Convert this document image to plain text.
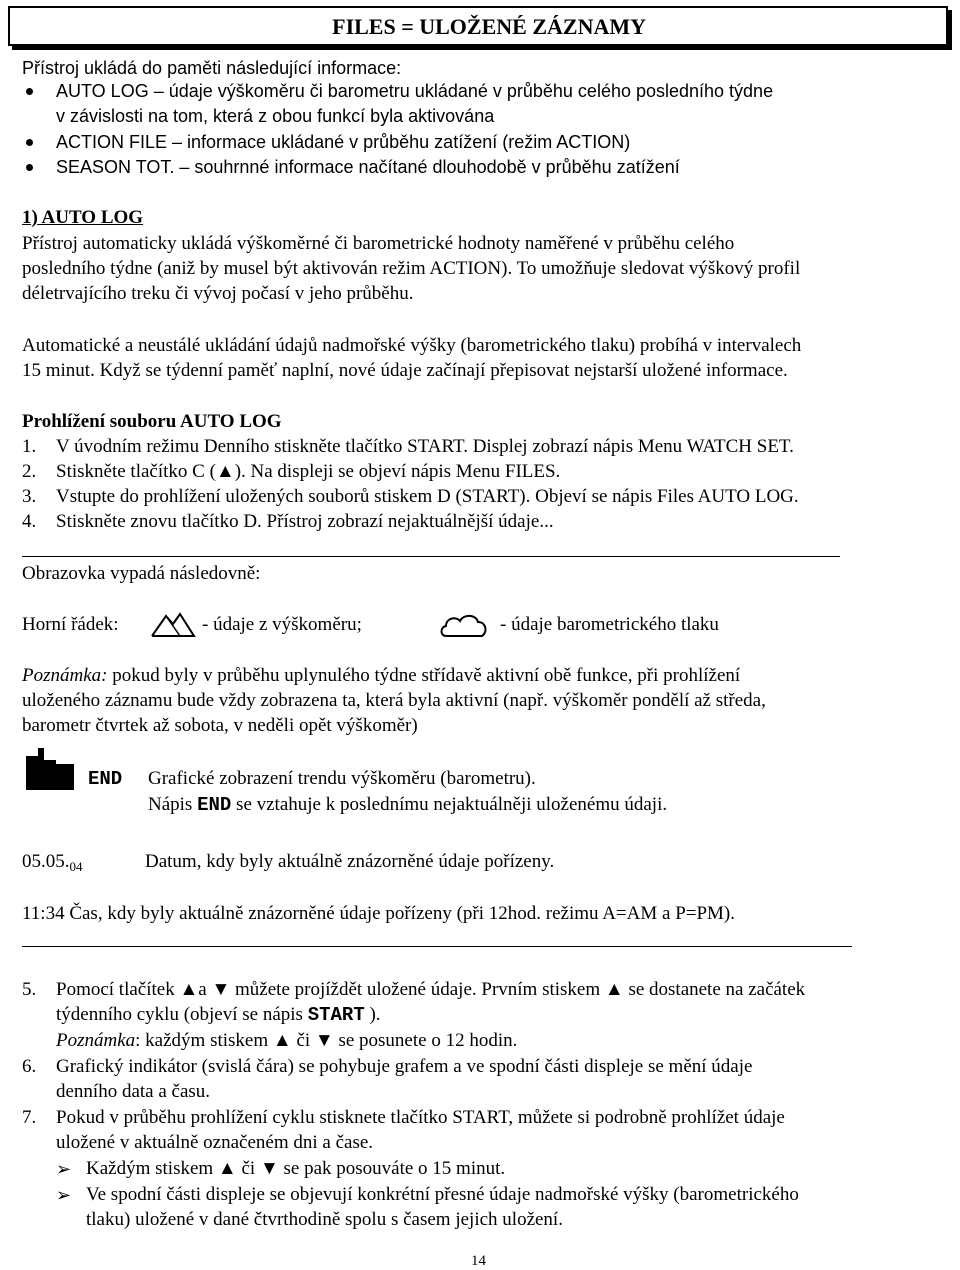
FILES = ULOŽENÉ ZÁZNAMY
Přístroj ukládá do paměti následující informace:
AUTO LOG – údaje výškoměru či barometru ukládané v průběhu celého posledního týdne
v závislosti na tom, která z obou funkcí byla aktivována
ACTION FILE – informace ukládané v průběhu zatížení (režim ACTION)
SEASON TOT. – souhrnné informace načítané dlouhodobě v průběhu zatížení
1) AUTO LOG
Přístroj automaticky ukládá výškoměrné či barometrické hodnoty naměřené v průběhu celého
posledního týdne (aniž by musel být aktivován režim ACTION). To umožňuje sledovat výškový profil
déletrvajícího treku či vývoj počasí v jeho průběhu.
Automatické a neustálé ukládání údajů nadmořské výšky (barometrického tlaku) probíhá v intervalech
15 minut. Když se týdenní paměť naplní, nové údaje začínají přepisovat nejstarší uložené informace.
Prohlížení souboru AUTO LOG
1. V úvodním režimu Denního stiskněte tlačítko START. Displej zobrazí nápis Menu WATCH SET.
2. Stiskněte tlačítko C (▲). Na displeji se objeví nápis Menu FILES.
3. Vstupte do prohlížení uložených souborů stiskem D (START). Objeví se nápis Files AUTO LOG.
4. Stiskněte znovu tlačítko D. Přístroj zobrazí nejaktuálnější údaje...
Obrazovka vypadá následovně:
Horní řádek:	- údaje z výškoměru;	- údaje barometrického tlaku
Poznámka: pokud byly v průběhu uplynulého týdne střídavě aktivní obě funkce, při prohlížení
uloženého záznamu bude vždy zobrazena ta, která byla aktivní (např. výškoměr pondělí až středa,
barometr čtvrtek až sobota, v neděli opět výškoměr)
END Grafické zobrazení trendu výškoměru (barometru).
Nápis END se vztahuje k poslednímu nejaktuálněji uloženému údaji.
$05.05._{04}$	Datum, kdy byly aktuálně znázorněné údaje pořízeny.
11:34 Čas, kdy byly aktuálně znázorněné údaje pořízeny (při 12hod. režimu A=AM a P=PM).
5. Pomocí tlačítek ▲a ▼ můžete projíždět uložené údaje. Prvním stiskem ▲ se dostanete na začátek
týdenního cyklu (objeví se nápis START ).
Poznámka: každým stiskem ▲ či ▼ se posunete o 12 hodin.
6. Grafický indikátor (svislá čára) se pohybuje grafem a ve spodní části displeje se mění údaje
denního data a času.
7. Pokud v průběhu prohlížení cyklu stisknete tlačítko START, můžete si podrobně prohlížet údaje
uložené v aktuálně označeném dni a čase.
➢ Každým stiskem ▲ či ▼ se pak posouváte o 15 minut.
➢ Ve spodní části displeje se objevují konkrétní přesné údaje nadmořské výšky (barometrického
tlaku) uložené v dané čtvrthodině spolu s časem jejich uložení.
14
